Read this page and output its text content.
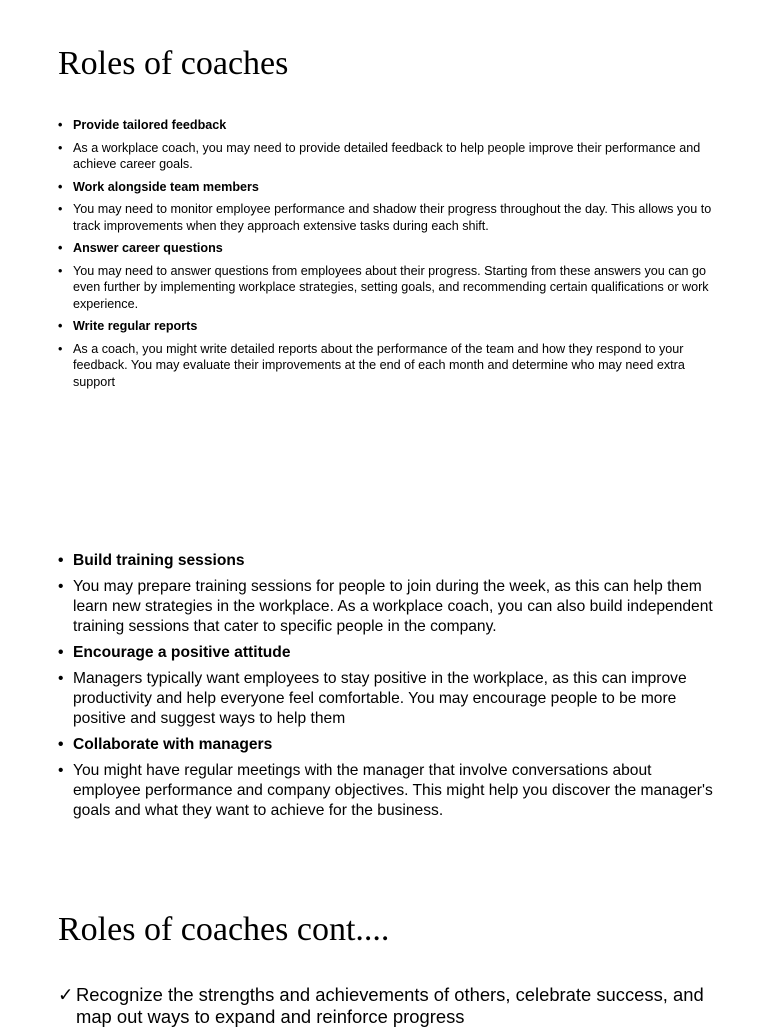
Roles of coaches
• Provide tailored feedback
• As a workplace coach, you may need to provide detailed feedback to help people improve their performance and achieve career goals.
• Work alongside team members
• You may need to monitor employee performance and shadow their progress throughout the day. This allows you to track improvements when they approach extensive tasks during each shift.
• Answer career questions
• You may need to answer questions from employees about their progress. Starting from these answers you can go even further by implementing workplace strategies, setting goals, and recommending certain qualifications or work experience.
• Write regular reports
• As a coach, you might write detailed reports about the performance of the team and how they respond to your feedback. You may evaluate their improvements at the end of each month and determine who may need extra support
• Build training sessions
• You may prepare training sessions for people to join during the week, as this can help them learn new strategies in the workplace. As a workplace coach, you can also build independent training sessions that cater to specific people in the company.
• Encourage a positive attitude
• Managers typically want employees to stay positive in the workplace, as this can improve productivity and help everyone feel comfortable. You may encourage people to be more positive and suggest ways to help them
• Collaborate with managers
• You might have regular meetings with the manager that involve conversations about employee performance and company objectives. This might help you discover the manager's goals and what they want to achieve for the business.
Roles of coaches cont....
✓ Recognize the strengths and achievements of others, celebrate success, and map out ways to expand and reinforce progress
